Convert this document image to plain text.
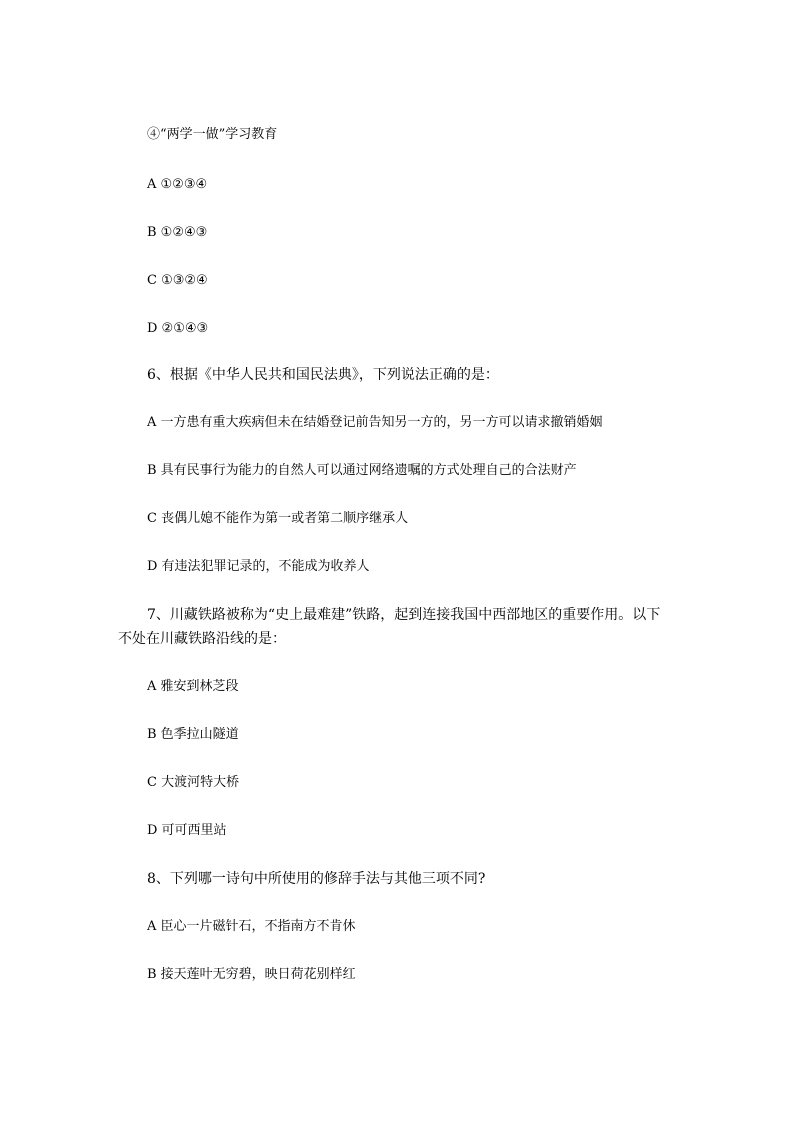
④“两学一做”学习教育
A ①②③④
B ①②④③
C ①③②④
D ②①④③
6、根据《中华人民共和国民法典》，下列说法正确的是：
A 一方患有重大疾病但未在结婚登记前告知另一方的，另一方可以请求撤销婚姻
B 具有民事行为能力的自然人可以通过网络遗嘱的方式处理自己的合法财产
C 丧偶儿媳不能作为第一或者第二顺序继承人
D 有违法犯罪记录的，不能成为收养人
7、川藏铁路被称为“史上最难建”铁路，起到连接我国中西部地区的重要作用。以下
不处在川藏铁路沿线的是：
A 雅安到林芝段
B 色季拉山隧道
C 大渡河特大桥
D 可可西里站
8、下列哪一诗句中所使用的修辞手法与其他三项不同?
A 臣心一片磁针石，不指南方不肯休
B 接天莲叶无穷碧，映日荷花别样红
